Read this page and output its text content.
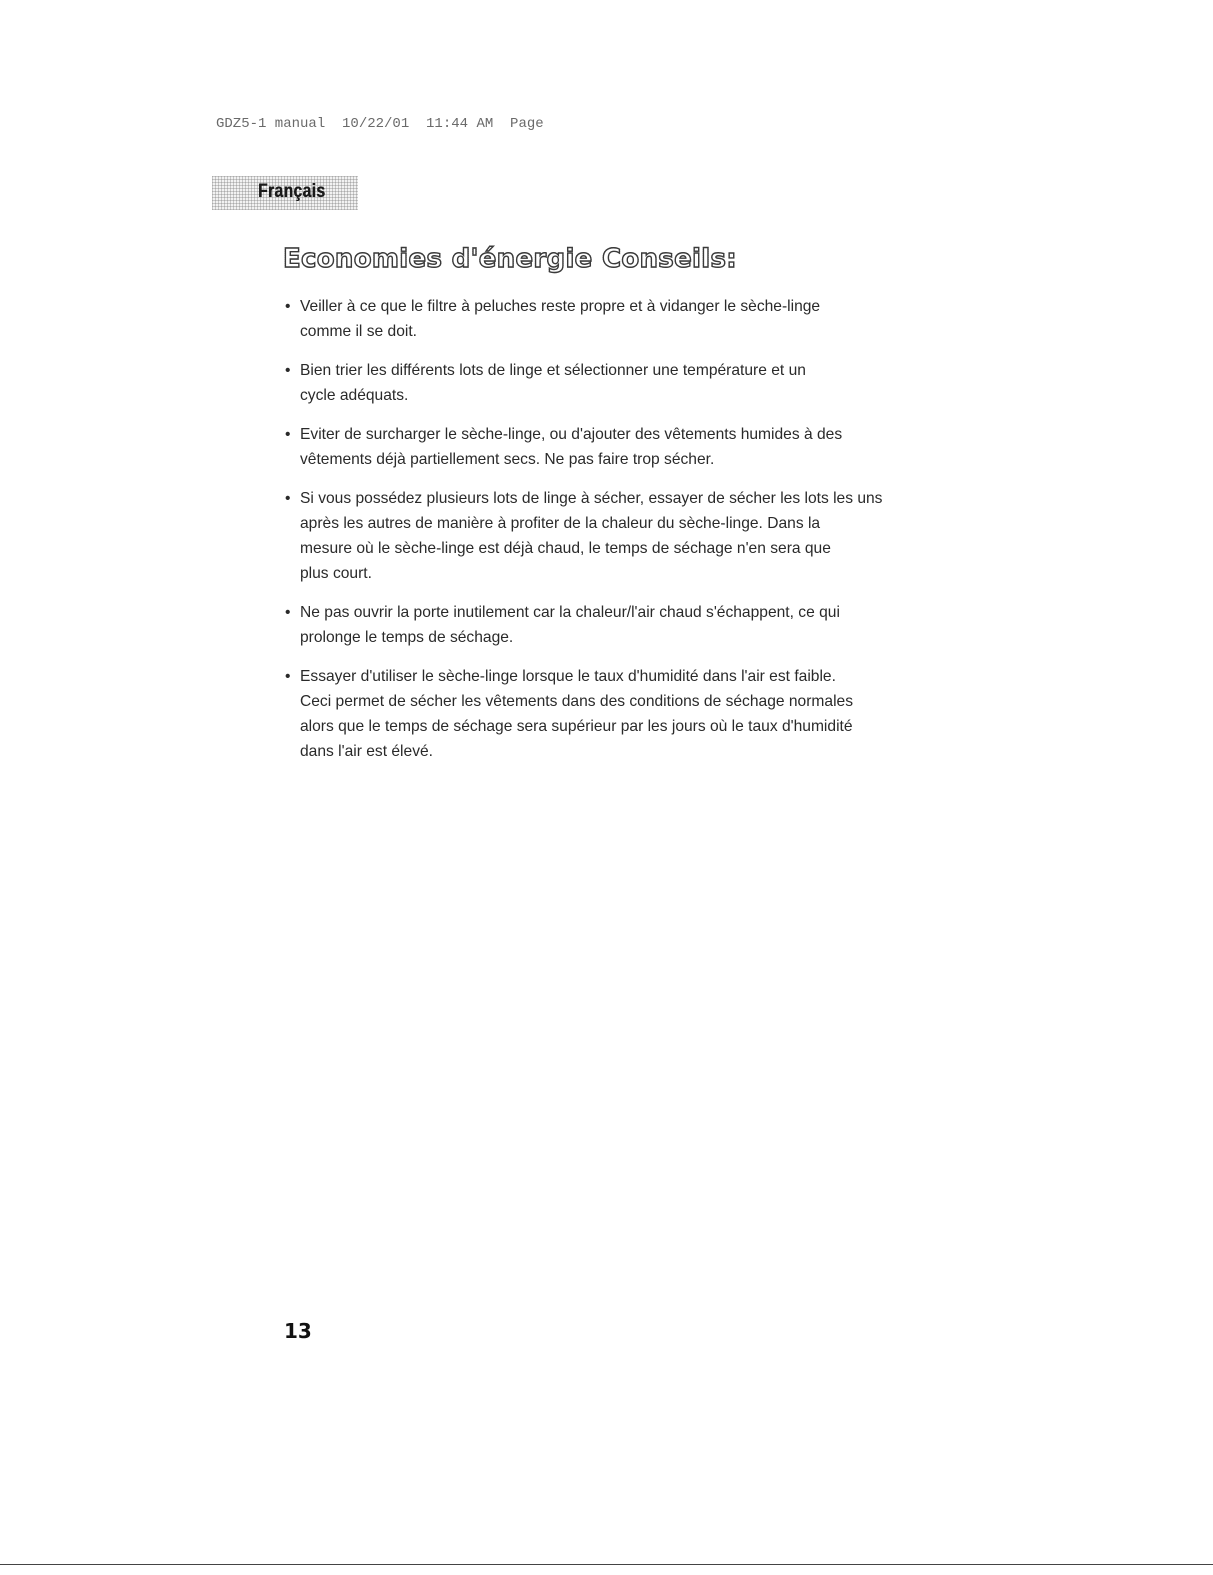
GDZ5-1 manual  10/22/01  11:44 AM  Page
Français
Economies d'énergie Conseils:
• Veiller à ce que le filtre à peluches reste propre et à vidanger le sèche-linge
comme il se doit.
• Bien trier les différents lots de linge et sélectionner une température et un
cycle adéquats.
• Eviter de surcharger le sèche-linge, ou d'ajouter des vêtements humides à des
vêtements déjà partiellement secs. Ne pas faire trop sécher.
• Si vous possédez plusieurs lots de linge à sécher, essayer de sécher les lots les uns
après les autres de manière à profiter de la chaleur du sèche-linge. Dans la
mesure où le sèche-linge est déjà chaud, le temps de séchage n'en sera que
plus court.
• Ne pas ouvrir la porte inutilement car la chaleur/l'air chaud s'échappent, ce qui
prolonge le temps de séchage.
• Essayer d'utiliser le sèche-linge lorsque le taux d'humidité dans l'air est faible.
Ceci permet de sécher les vêtements dans des conditions de séchage normales
alors que le temps de séchage sera supérieur par les jours où le taux d'humidité
dans l'air est élevé.
13
